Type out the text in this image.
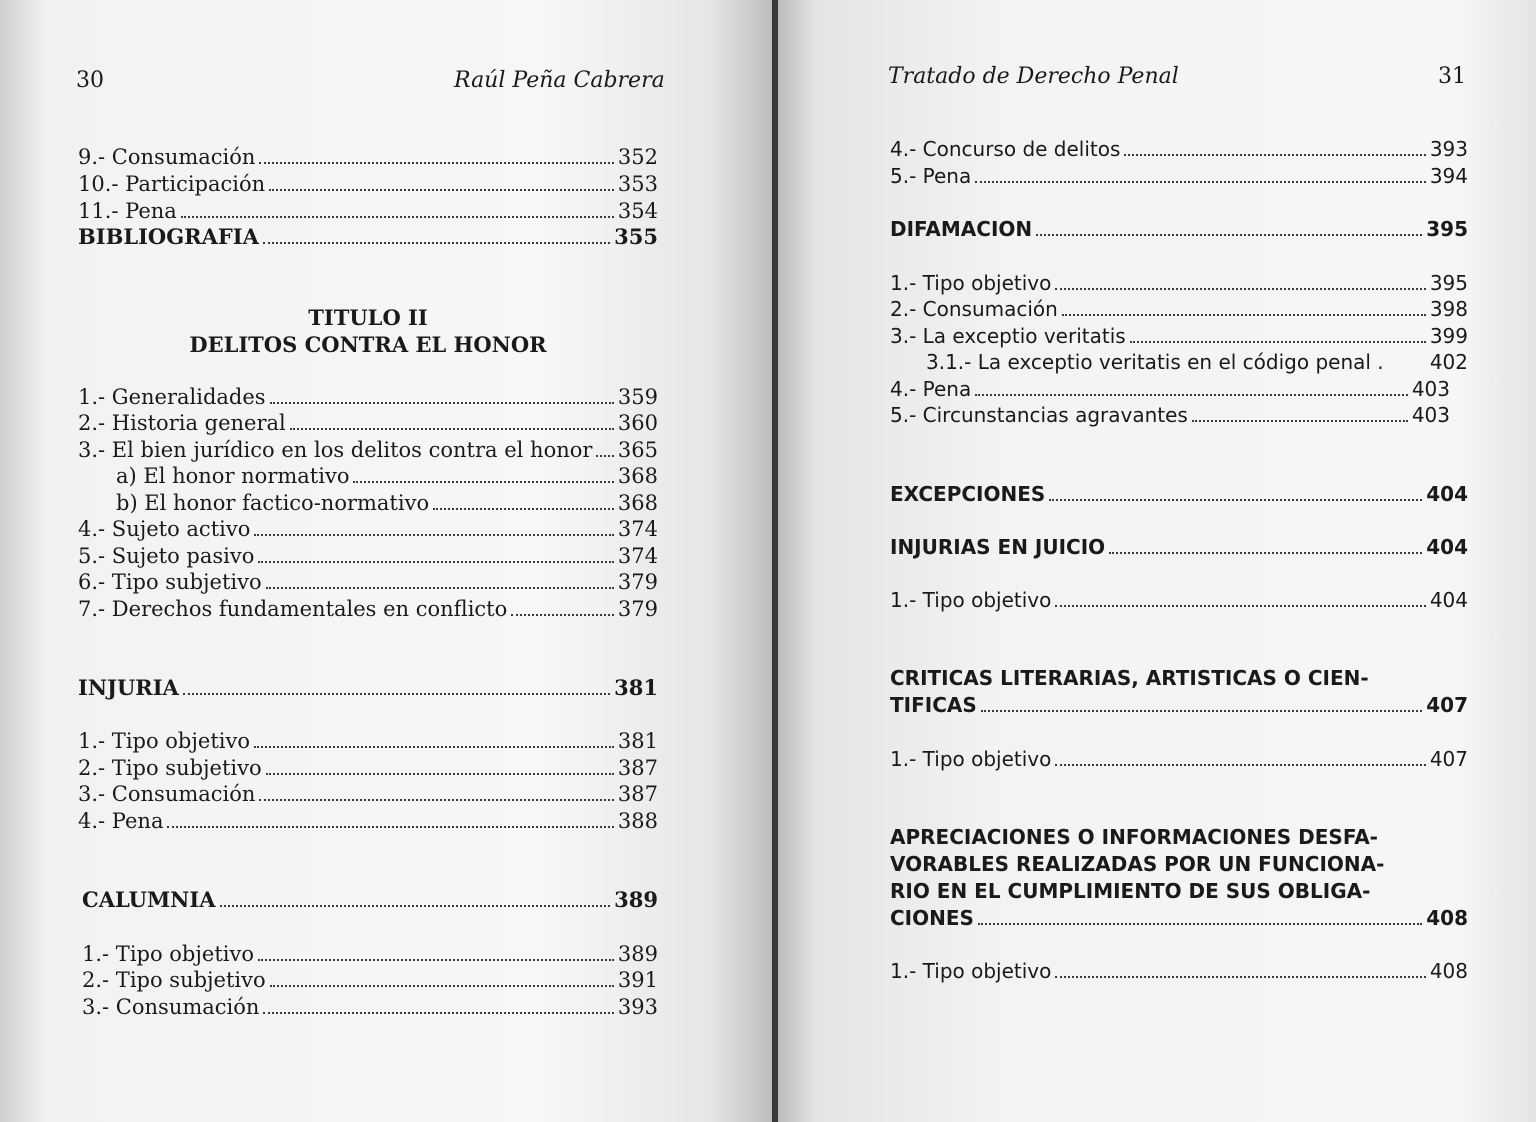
30	Raúl Peña Cabrera
9.- Consumación	352
10.- Participación	353
11.- Pena	354
BIBLIOGRAFIA	355
TITULO II
DELITOS CONTRA EL HONOR
1.- Generalidades	359
2.- Historia general	360
3.- El bien jurídico en los delitos contra el honor 365
a) El honor normativo	368
b) El honor factico-normativo	368
4.- Sujeto activo	374
5.- Sujeto pasivo	374
6.- Tipo subjetivo	379
7.- Derechos fundamentales en conflicto	379
INJURIA	381
1.- Tipo objetivo	381
2.- Tipo subjetivo	387
3.- Consumación	387
4.- Pena	388
CALUMNIA	389
1.- Tipo objetivo	389
2.- Tipo subjetivo	391
3.- Consumación	393
Tratado de Derecho Penal	31
4.- Concurso de delitos	393
5.- Pena	394
DIFAMACION	395
1.- Tipo objetivo	395
2.- Consumación	398
3.- La exceptio veritatis	399
3.1.- La exceptio veritatis en el código penal . 402
4.- Pena	403
5.- Circunstancias agravantes	403
EXCEPCIONES	404
INJURIAS EN JUICIO	404
1.- Tipo objetivo	404
CRITICAS LITERARIAS, ARTISTICAS O CIEN-
TIFICAS	407
1.- Tipo objetivo	407
APRECIACIONES O INFORMACIONES DESFA-
VORABLES REALIZADAS POR UN FUNCIONA-
RIO EN EL CUMPLIMIENTO DE SUS OBLIGA-
CIONES	408
1.- Tipo objetivo	408
